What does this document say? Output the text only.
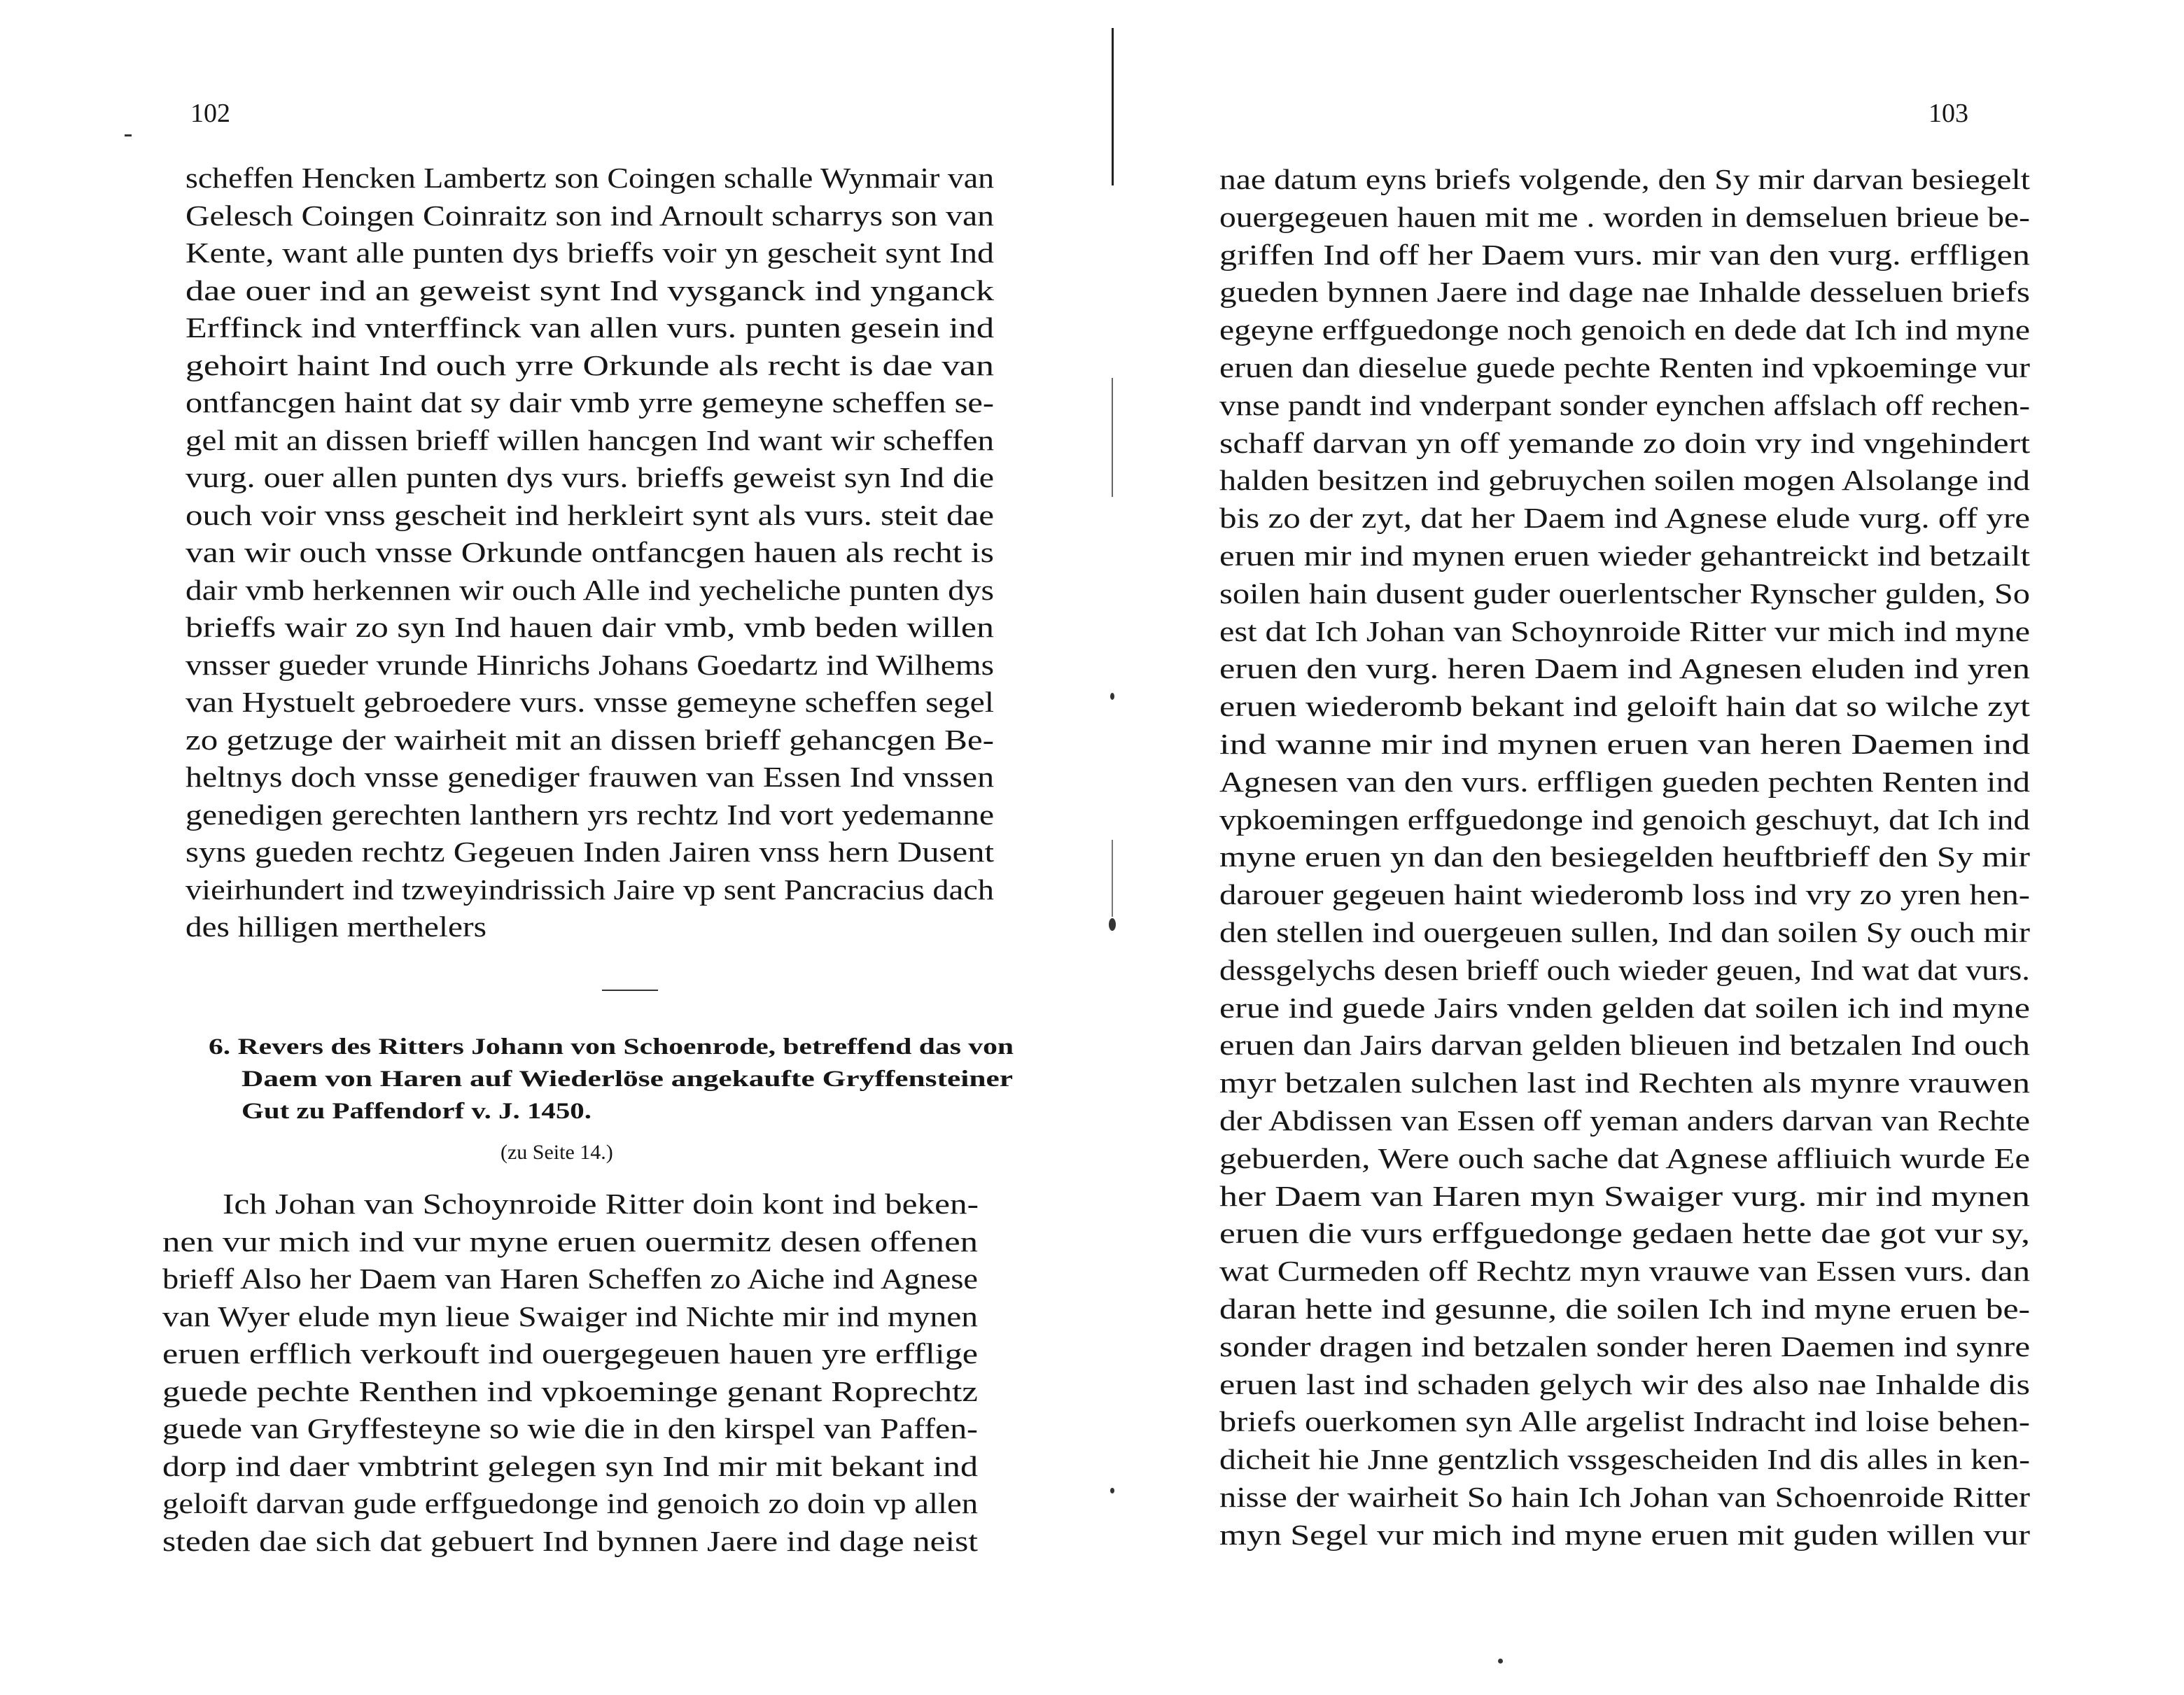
102
scheffen Hencken Lambertz son Coingen schalle Wynmair van
Gelesch Coingen Coinraitz son ind Arnoult scharrys son van
Kente, want alle punten dys brieffs voir yn gescheit synt Ind
dae ouer ind an geweist synt Ind vysganck ind ynganck
Erffinck ind vnterffinck van allen vurs. punten gesein ind
gehoirt haint Ind ouch yrre Orkunde als recht is dae van
ontfancgen haint dat sy dair vmb yrre gemeyne scheffen se-
gel mit an dissen brieff willen hancgen Ind want wir scheffen
vurg. ouer allen punten dys vurs. brieffs geweist syn Ind die
ouch voir vnss gescheit ind herkleirt synt als vurs. steit dae
van wir ouch vnsse Orkunde ontfancgen hauen als recht is
dair vmb herkennen wir ouch Alle ind yecheliche punten dys
brieffs wair zo syn Ind hauen dair vmb, vmb beden willen
vnsser gueder vrunde Hinrichs Johans Goedartz ind Wilhems
van Hystuelt gebroedere vurs. vnsse gemeyne scheffen segel
zo getzuge der wairheit mit an dissen brieff gehancgen Be-
heltnys doch vnsse genediger frauwen van Essen Ind vnssen
genedigen gerechten lanthern yrs rechtz Ind vort yedemanne
syns gueden rechtz Gegeuen Inden Jairen vnss hern Dusent
vieirhundert ind tzweyindrissich Jaire vp sent Pancracius dach
des hilligen merthelers
6. Revers des Ritters Johann von Schoenrode, betreffend das von
Daem von Haren auf Wiederlöse angekaufte Gryffensteiner
Gut zu Paffendorf v. J. 1450.
(zu Seite 14.)
Ich Johan van Schoynroide Ritter doin kont ind beken-
nen vur mich ind vur myne eruen ouermitz desen offenen
brieff Also her Daem van Haren Scheffen zo Aiche ind Agnese
van Wyer elude myn lieue Swaiger ind Nichte mir ind mynen
eruen erfflich verkouft ind ouergegeuen hauen yre erfflige
guede pechte Renthen ind vpkoeminge genant Roprechtz
guede van Gryffesteyne so wie die in den kirspel van Paffen-
dorp ind daer vmbtrint gelegen syn Ind mir mit bekant ind
geloift darvan gude erffguedonge ind genoich zo doin vp allen
steden dae sich dat gebuert Ind bynnen Jaere ind dage neist
103
nae datum eyns briefs volgende, den Sy mir darvan besiegelt
ouergegeuen hauen mit me . worden in demseluen brieue be-
griffen Ind off her Daem vurs. mir van den vurg. erffligen
gueden bynnen Jaere ind dage nae Inhalde desseluen briefs
egeyne erffguedonge noch genoich en dede dat Ich ind myne
eruen dan dieselue guede pechte Renten ind vpkoeminge vur
vnse pandt ind vnderpant sonder eynchen affslach off rechen-
schaff darvan yn off yemande zo doin vry ind vngehindert
halden besitzen ind gebruychen soilen mogen Alsolange ind
bis zo der zyt, dat her Daem ind Agnese elude vurg. off yre
eruen mir ind mynen eruen wieder gehantreickt ind betzailt
soilen hain dusent guder ouerlentscher Rynscher gulden, So
est dat Ich Johan van Schoynroide Ritter vur mich ind myne
eruen den vurg. heren Daem ind Agnesen eluden ind yren
eruen wiederomb bekant ind geloift hain dat so wilche zyt
ind wanne mir ind mynen eruen van heren Daemen ind
Agnesen van den vurs. erffligen gueden pechten Renten ind
vpkoemingen erffguedonge ind genoich geschuyt, dat Ich ind
myne eruen yn dan den besiegelden heuftbrieff den Sy mir
darouer gegeuen haint wiederomb loss ind vry zo yren hen-
den stellen ind ouergeuen sullen, Ind dan soilen Sy ouch mir
dessgelychs desen brieff ouch wieder geuen, Ind wat dat vurs.
erue ind guede Jairs vnden gelden dat soilen ich ind myne
eruen dan Jairs darvan gelden blieuen ind betzalen Ind ouch
myr betzalen sulchen last ind Rechten als mynre vrauwen
der Abdissen van Essen off yeman anders darvan van Rechte
gebuerden, Were ouch sache dat Agnese affliuich wurde Ee
her Daem van Haren myn Swaiger vurg. mir ind mynen
eruen die vurs erffguedonge gedaen hette dae got vur sy,
wat Curmeden off Rechtz myn vrauwe van Essen vurs. dan
daran hette ind gesunne, die soilen Ich ind myne eruen be-
sonder dragen ind betzalen sonder heren Daemen ind synre
eruen last ind schaden gelych wir des also nae Inhalde dis
briefs ouerkomen syn Alle argelist Indracht ind loise behen-
dicheit hie Jnne gentzlich vssgescheiden Ind dis alles in ken-
nisse der wairheit So hain Ich Johan van Schoenroide Ritter
myn Segel vur mich ind myne eruen mit guden willen vur
